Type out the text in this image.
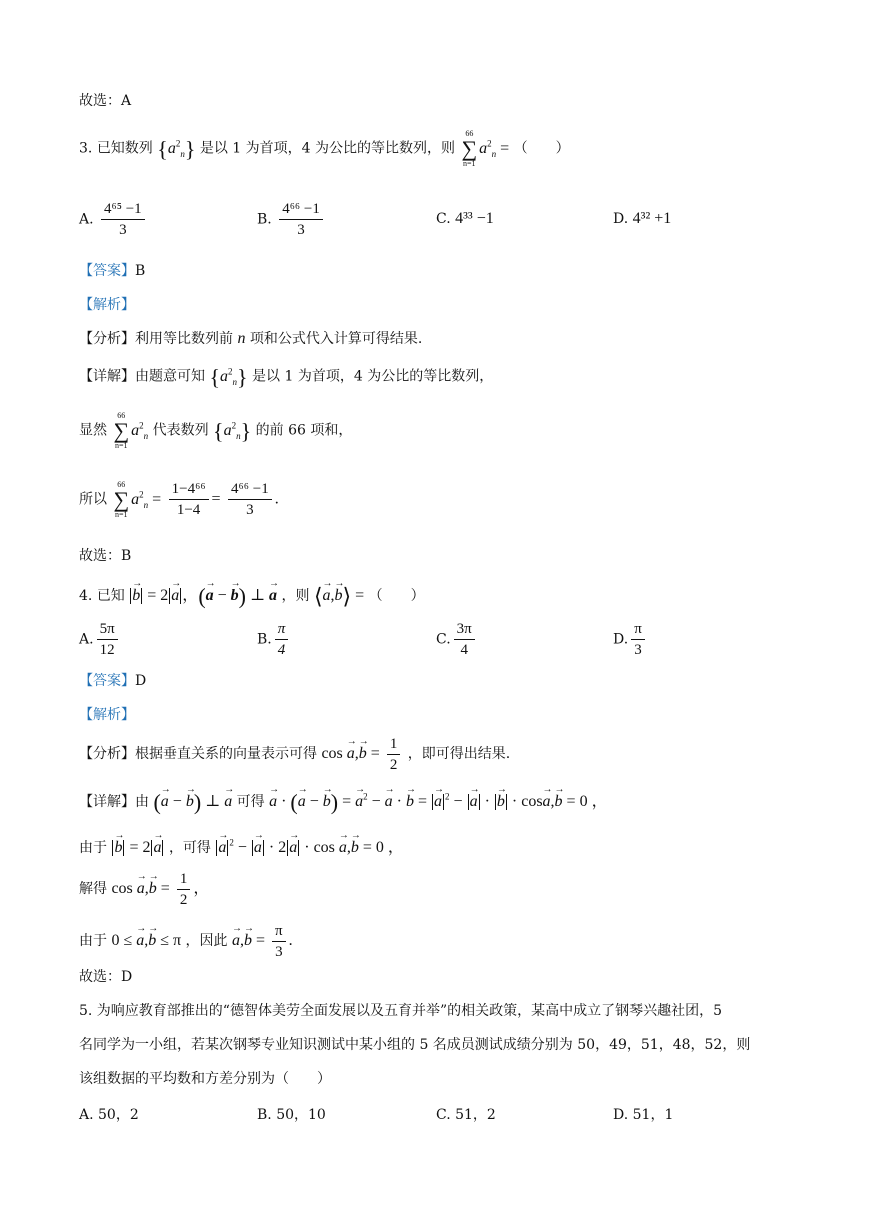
故选：A
3. 已知数列 $\{a^2_n\}$ 是以 1 为首项，4 为公比的等比数列，则
66
∑
n=1
$a^2_n$ = （　　）
A. $\frac{\text{4⁶⁵ −1}}{3}$	B. $\frac{\text{4⁶⁶ −1}}{3}$	C. 4³³ −1	D. 4³² +1
【答案】B
【解析】
【分析】利用等比数列前 n 项和公式代入计算可得结果.
【详解】由题意可知 $\{a^2_n\}$ 是以 1 为首项，4 为公比的等比数列，
显然
66
∑
n=1
$a^2_n$ 代表数列 $\{a^2_n\}$ 的前 66 项和，
所以
66
∑
n=1
$a^2_n = \frac{\text{1−4⁶⁶}}{1-4} = \frac{\text{4⁶⁶ −1}}{3}$ .
故选：B
4. 已知 → b = 2 → a ，(→ a − → b) ⊥ → a ，则 ⟨→ a,→ b⟩ = （　　）
A. $\frac{5\pi}{12}$	B. $\frac{\pi}{4}$	C. $\frac{3\pi}{4}$	D. $\frac{\pi}{3}$
【答案】D
【解析】
【分析】根据垂直关系的向量表示可得 $\cos \to a,\to b = \frac{1}{2}$ ，即可得出结果.
【详解】由 (→ a − → b) ⊥ → a 可得 → a · (→ a − → b) = → $a^2$ − → a · → b = → a $^2$ − → a · → b · cos→ a,→ b = 0 ，
由于 → b = 2 → a ，可得 → a $^2$ − → a · 2 → a · cos → a,→ b = 0 ，
解得 $\cos \to a,\to b = \frac{1}{2}$ ，
由于 0 ≤ → a,→ b ≤ π ，因此 → $a,\to b = \frac{\pi}{3}$ .
故选：D
5. 为响应教育部推出的“德智体美劳全面发展以及五育并举”的相关政策，某高中成立了钢琴兴趣社团，5
名同学为一小组，若某次钢琴专业知识测试中某小组的 5 名成员测试成绩分别为 50，49，51，48，52，则
该组数据的平均数和方差分别为（　　）
A. 50，2	B. 50，10	C. 51，2	D. 51，1
